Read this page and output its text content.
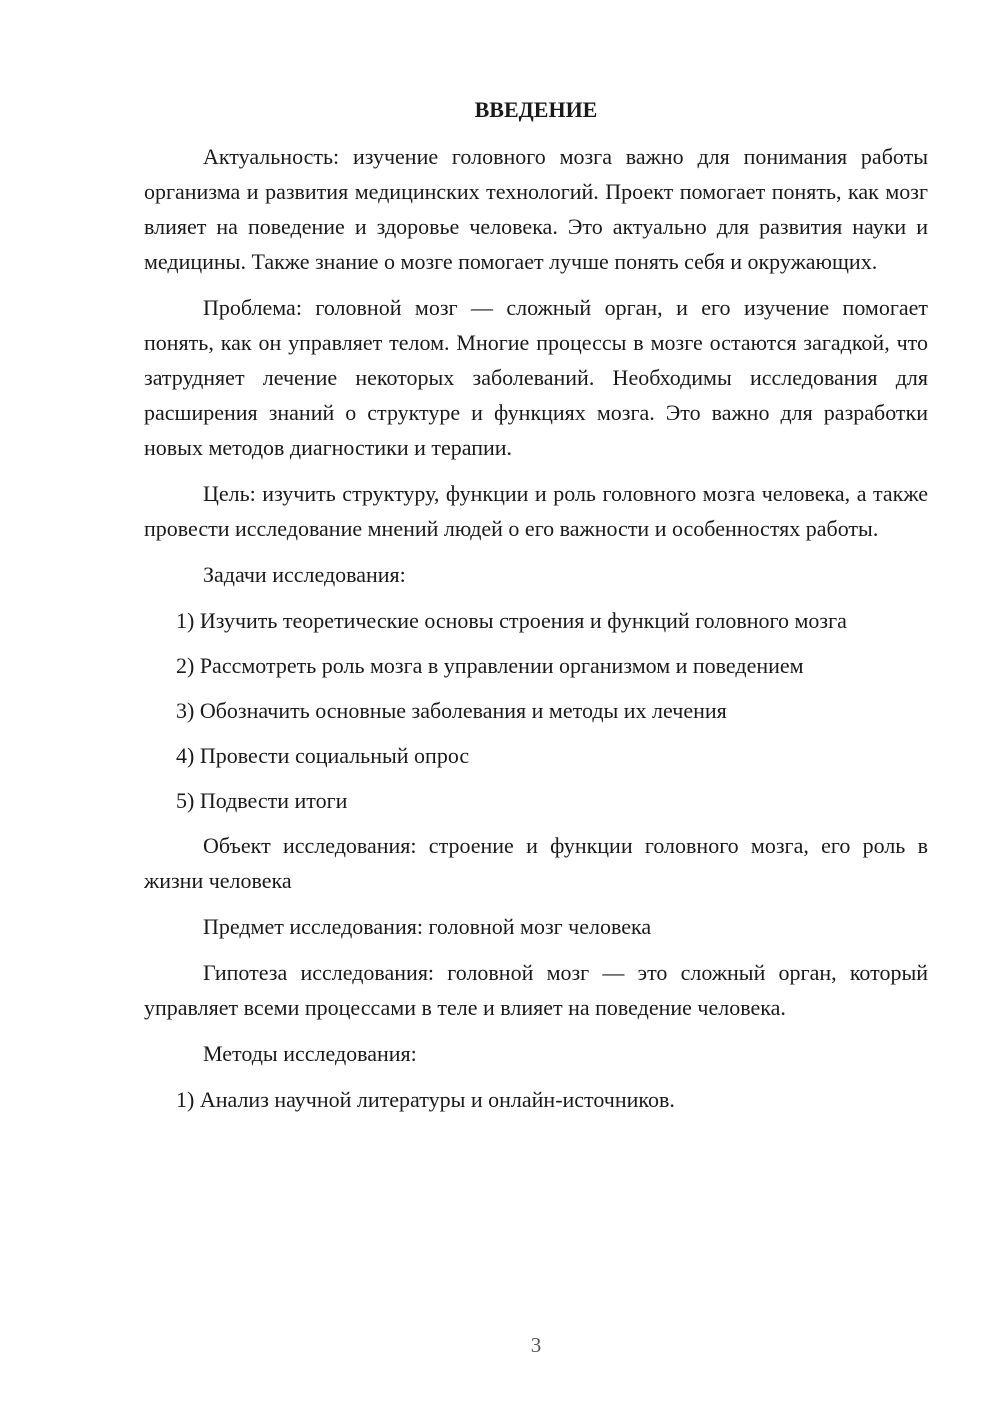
ВВЕДЕНИЕ
Актуальность: изучение головного мозга важно для понимания работы организма и развития медицинских технологий. Проект помогает понять, как мозг влияет на поведение и здоровье человека. Это актуально для развития науки и медицины. Также знание о мозге помогает лучше понять себя и окружающих.
Проблема: головной мозг — сложный орган, и его изучение помогает понять, как он управляет телом. Многие процессы в мозге остаются загадкой, что затрудняет лечение некоторых заболеваний. Необходимы исследования для расширения знаний о структуре и функциях мозга. Это важно для разработки новых методов диагностики и терапии.
Цель: изучить структуру, функции и роль головного мозга человека, а также провести исследование мнений людей о его важности и особенностях работы.
Задачи исследования:
1) Изучить теоретические основы строения и функций головного мозга
2) Рассмотреть роль мозга в управлении организмом и поведением
3) Обозначить основные заболевания и методы их лечения
4) Провести социальный опрос
5) Подвести итоги
Объект исследования: строение и функции головного мозга, его роль в жизни человека
Предмет исследования: головной мозг человека
Гипотеза исследования: головной мозг — это сложный орган, который управляет всеми процессами в теле и влияет на поведение человека.
Методы исследования:
1) Анализ научной литературы и онлайн-источников.
3
